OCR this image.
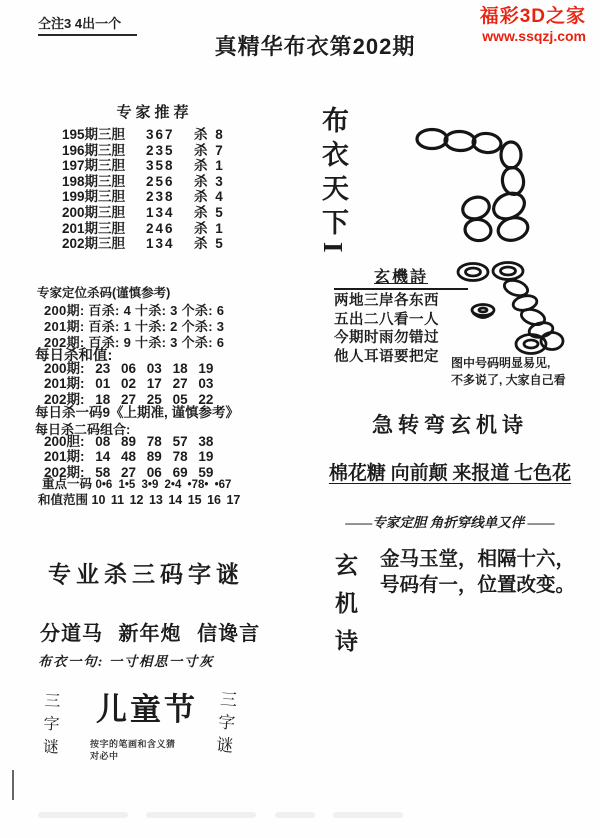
仝注3 4出一个	福彩3D之家
www.ssqzj.com
真精华布衣第202期
专家推荐
195期三胆	367	杀 8
196期三胆	235	杀 7
197期三胆	358	杀 1
198期三胆	256	杀 3
199期三胆	238	杀 4
200期三胆	134	杀 5
201期三胆	246	杀 1
202期三胆	134	杀 5
专家定位杀码(谨慎参考)
200期: 百杀: 4 十杀: 3 个杀: 6
201期: 百杀: 1 十杀: 2 个杀: 3
202期: 百杀: 9 十杀: 3 个杀: 6
每日杀和值:
200期: 23 06 03 18 19
201期: 01 02 17 27 03
202期: 18 27 25 05 22
每日杀一码9《上期准, 谨慎参考》
每日杀二码组合:
200胆: 08 89 78 57 38
201期: 14 48 89 78 19
202期: 58 27 06 69 59
重点一码 0•6 1•5 3•9 2•4 •78• •67
和值范围 10 11 12 13 14 15 16 17
布衣天下I
玄機詩
两地三岸各东西
五出二八看一人
今期时雨勿错过
他人耳语要把定	图中号码明显易见,
不多说了, 大家自己看
急转弯玄机诗
棉花糖 向前颠 来报道 七色花
——专家定胆 角折穿线单又伴 ——
玄机诗 金马玉堂，相隔十六，
号码有一，位置改变。
专业杀三码字谜
分道马 新年炮 信谗言
布衣一句: 一寸相思一寸灰
三字谜 儿童节
按字的笔画和含义猜
对必中	三字谜
